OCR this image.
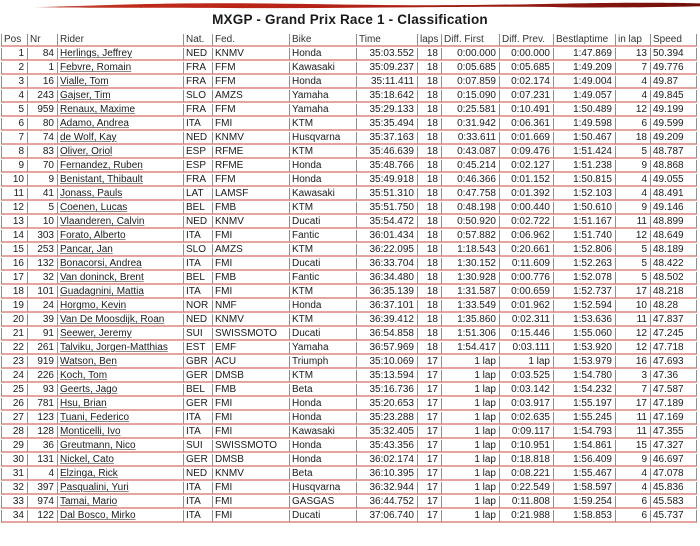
MXGP - Grand Prix Race 1 - Classification
Pos	Nr	Rider	Nat.	Fed.	Bike	Time	laps	Diff. First	Diff. Prev.	Bestlaptime	in lap	Speed
1	84	Herlings, Jeffrey	NED	KNMV	Honda	35:03.552	18	0:00.000	0:00.000	1:47.869	13	50.394
2	1	Febvre, Romain	FRA	FFM	Kawasaki	35:09.237	18	0:05.685	0:05.685	1:49.209	7	49.776
3	16	Vialle, Tom	FRA	FFM	Honda	35:11.411	18	0:07.859	0:02.174	1:49.004	4	49.87
4	243	Gajser, Tim	SLO	AMZS	Yamaha	35:18.642	18	0:15.090	0:07.231	1:49.057	4	49.845
5	959	Renaux, Maxime	FRA	FFM	Yamaha	35:29.133	18	0:25.581	0:10.491	1:50.489	12	49.199
6	80	Adamo, Andrea	ITA	FMI	KTM	35:35.494	18	0:31.942	0:06.361	1:49.598	6	49.599
7	74	de Wolf, Kay	NED	KNMV	Husqvarna	35:37.163	18	0:33.611	0:01.669	1:50.467	18	49.209
8	83	Oliver, Oriol	ESP	RFME	KTM	35:46.639	18	0:43.087	0:09.476	1:51.424	5	48.787
9	70	Fernandez, Ruben	ESP	RFME	Honda	35:48.766	18	0:45.214	0:02.127	1:51.238	9	48.868
10	9	Benistant, Thibault	FRA	FFM	Honda	35:49.918	18	0:46.366	0:01.152	1:50.815	4	49.055
11	41	Jonass, Pauls	LAT	LAMSF	Kawasaki	35:51.310	18	0:47.758	0:01.392	1:52.103	4	48.491
12	5	Coenen, Lucas	BEL	FMB	KTM	35:51.750	18	0:48.198	0:00.440	1:50.610	9	49.146
13	10	Vlaanderen, Calvin	NED	KNMV	Ducati	35:54.472	18	0:50.920	0:02.722	1:51.167	11	48.899
14	303	Forato, Alberto	ITA	FMI	Fantic	36:01.434	18	0:57.882	0:06.962	1:51.740	12	48.649
15	253	Pancar, Jan	SLO	AMZS	KTM	36:22.095	18	1:18.543	0:20.661	1:52.806	5	48.189
16	132	Bonacorsi, Andrea	ITA	FMI	Ducati	36:33.704	18	1:30.152	0:11.609	1:52.263	5	48.422
17	32	Van doninck, Brent	BEL	FMB	Fantic	36:34.480	18	1:30.928	0:00.776	1:52.078	5	48.502
18	101	Guadagnini, Mattia	ITA	FMI	KTM	36:35.139	18	1:31.587	0:00.659	1:52.737	17	48.218
19	24	Horgmo, Kevin	NOR	NMF	Honda	36:37.101	18	1:33.549	0:01.962	1:52.594	10	48.28
20	39	Van De Moosdijk, Roan	NED	KNMV	KTM	36:39.412	18	1:35.860	0:02.311	1:53.636	11	47.837
21	91	Seewer, Jeremy	SUI	SWISSMOTO	Ducati	36:54.858	18	1:51.306	0:15.446	1:55.060	12	47.245
22	261	Talviku, Jorgen-Matthias	EST	EMF	Yamaha	36:57.969	18	1:54.417	0:03.111	1:53.920	12	47.718
23	919	Watson, Ben	GBR	ACU	Triumph	35:10.069	17	1 lap	1 lap	1:53.979	16	47.693
24	226	Koch, Tom	GER	DMSB	KTM	35:13.594	17	1 lap	0:03.525	1:54.780	3	47.36
25	93	Geerts, Jago	BEL	FMB	Beta	35:16.736	17	1 lap	0:03.142	1:54.232	7	47.587
26	781	Hsu, Brian	GER	FMI	Honda	35:20.653	17	1 lap	0:03.917	1:55.197	17	47.189
27	123	Tuani, Federico	ITA	FMI	Honda	35:23.288	17	1 lap	0:02.635	1:55.245	11	47.169
28	128	Monticelli, Ivo	ITA	FMI	Kawasaki	35:32.405	17	1 lap	0:09.117	1:54.793	11	47.355
29	36	Greutmann, Nico	SUI	SWISSMOTO	Honda	35:43.356	17	1 lap	0:10.951	1:54.861	15	47.327
30	131	Nickel, Cato	GER	DMSB	Honda	36:02.174	17	1 lap	0:18.818	1:56.409	9	46.697
31	4	Elzinga, Rick	NED	KNMV	Beta	36:10.395	17	1 lap	0:08.221	1:55.467	4	47.078
32	397	Pasqualini, Yuri	ITA	FMI	Husqvarna	36:32.944	17	1 lap	0:22.549	1:58.597	4	45.836
33	974	Tamai, Mario	ITA	FMI	GASGAS	36:44.752	17	1 lap	0:11.808	1:59.254	6	45.583
34	122	Dal Bosco, Mirko	ITA	FMI	Ducati	37:06.740	17	1 lap	0:21.988	1:58.853	6	45.737
